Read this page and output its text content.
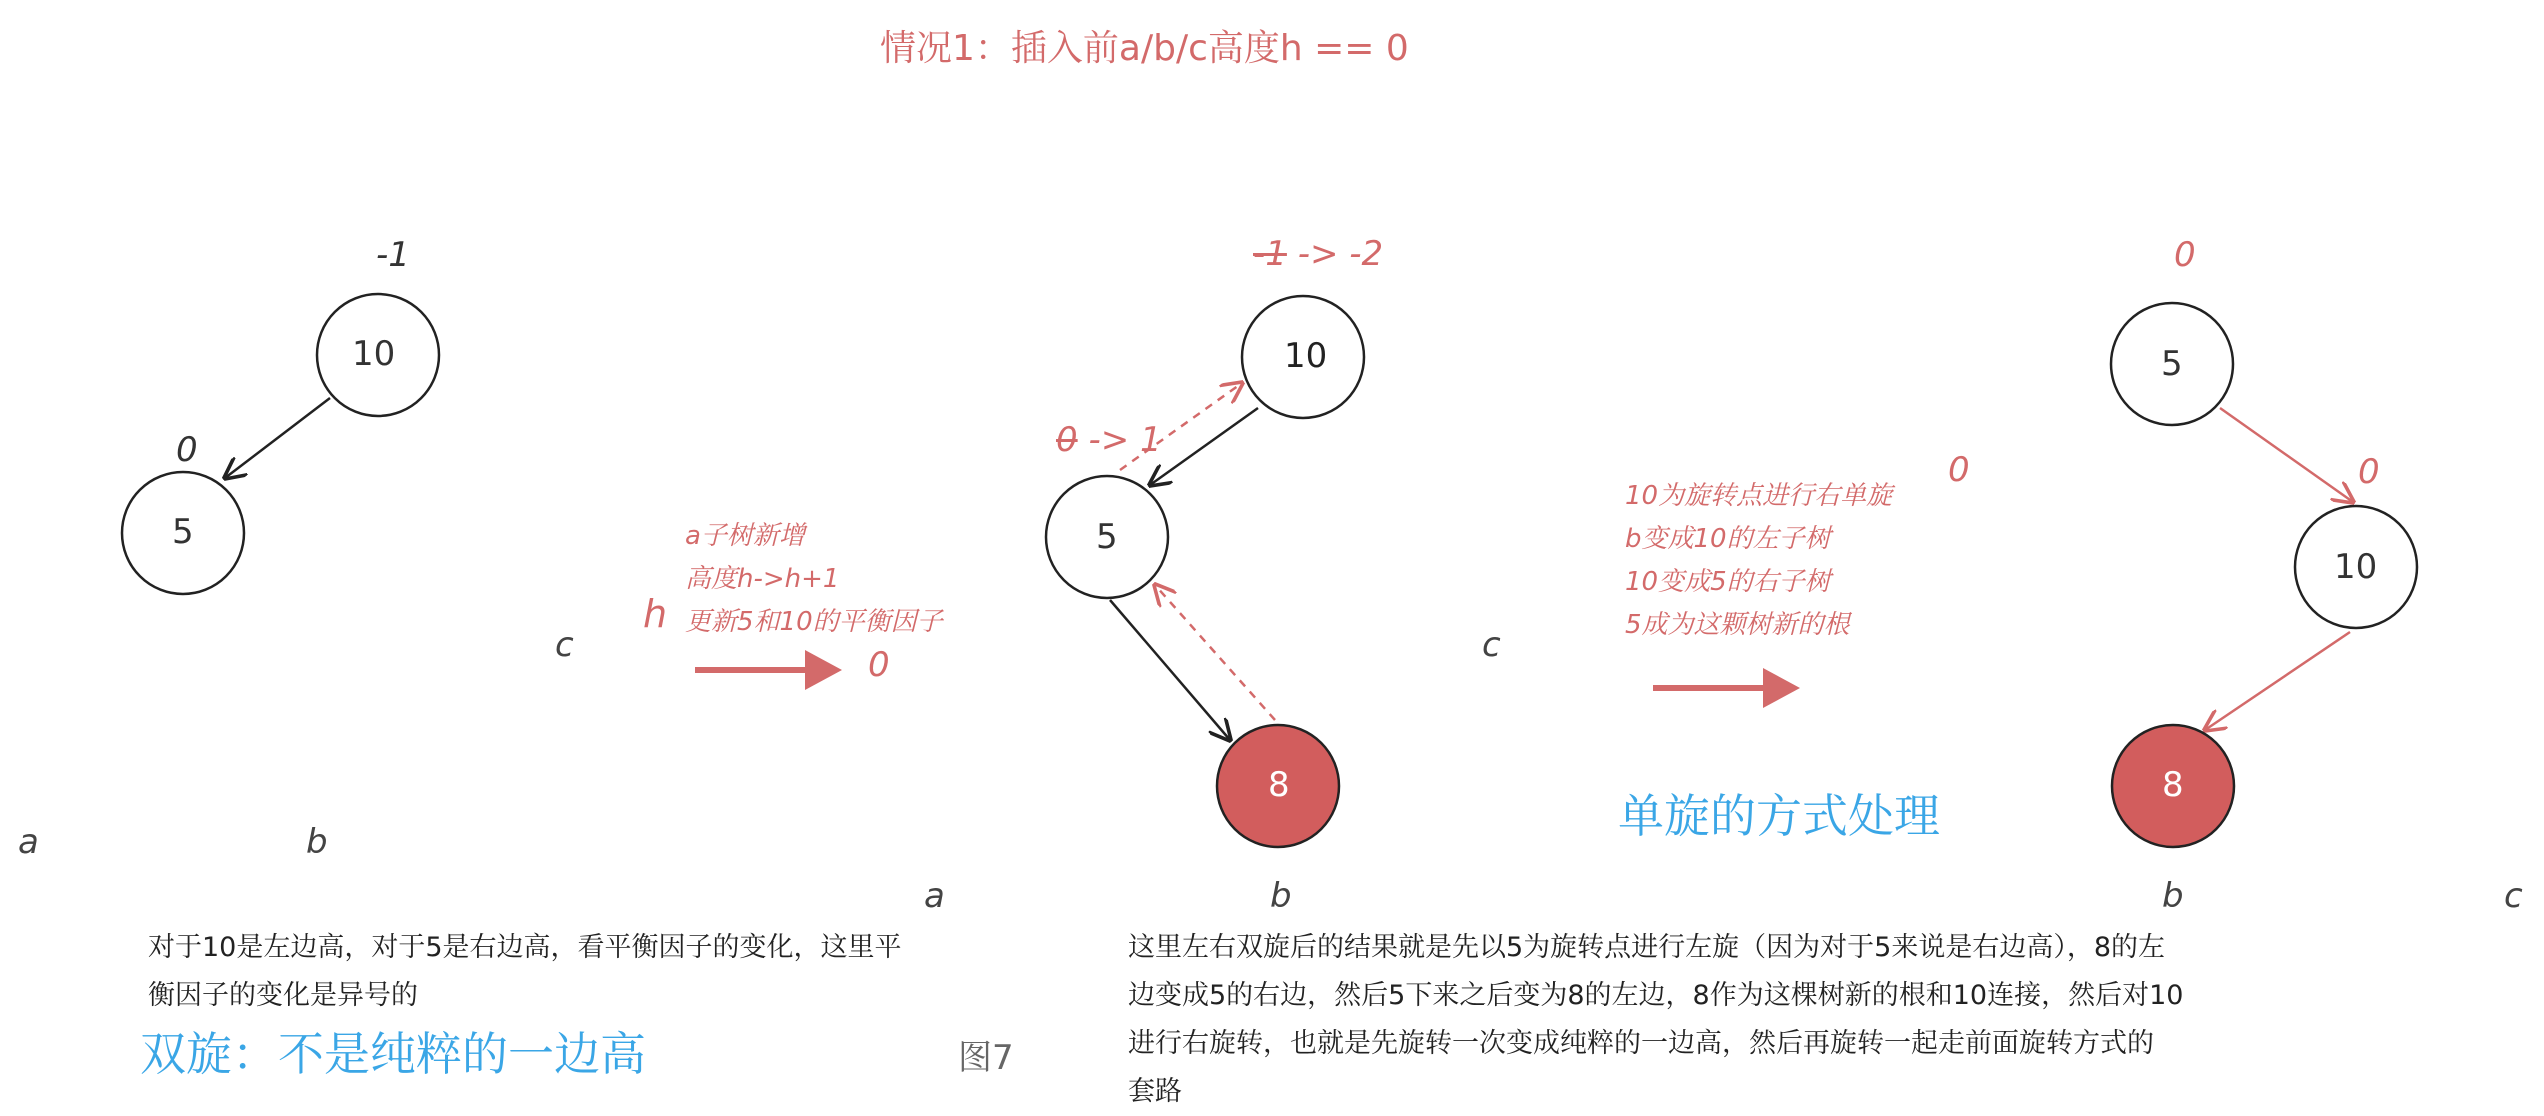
情况1：插入前a/b/c高度h == 0
10
5
-1
0
a	b
c
h
a子树新增
高度h->h+1
更新5和10的平衡因子
0
10
5
8
-1 -> -2
0 -> 1
a	b
c
10为旋转点进行右单旋
b变成10的左子树
10变成5的右子树
5成为这颗树新的根
0
单旋的方式处理
5
10
8
0
0
b	c
对于10是左边高，对于5是右边高，看平衡因子的变化，这里平
衡因子的变化是异号的
双旋：不是纯粹的一边高	图7
这里左右双旋后的结果就是先以5为旋转点进行左旋（因为对于5来说是右边高），8的左
边变成5的右边，然后5下来之后变为8的左边，8作为这棵树新的根和10连接，然后对10
进行右旋转，也就是先旋转一次变成纯粹的一边高，然后再旋转一起走前面旋转方式的
套路
